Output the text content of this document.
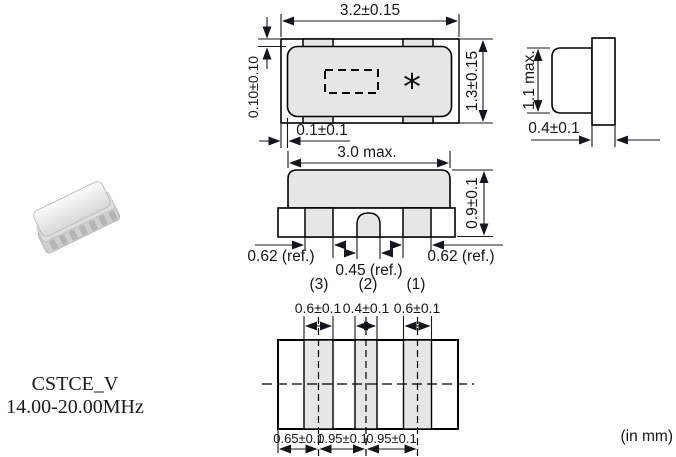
CSTCE_V
14.00-20.00MHz
*
3.2±0.15
1.3±0.15
0.10±0.10
0.1±0.1
1.1 max.
0.4±0.1
3.0 max.
0.9±0.1
0.62 (ref.)
0.45 (ref.)
0.62 (ref.)
(3) (2) (1)
0.6±0.1 0.4±0.1 0.6±0.1
0.65±0.1
0.95±0.1
0.95±0.1	(in mm)
